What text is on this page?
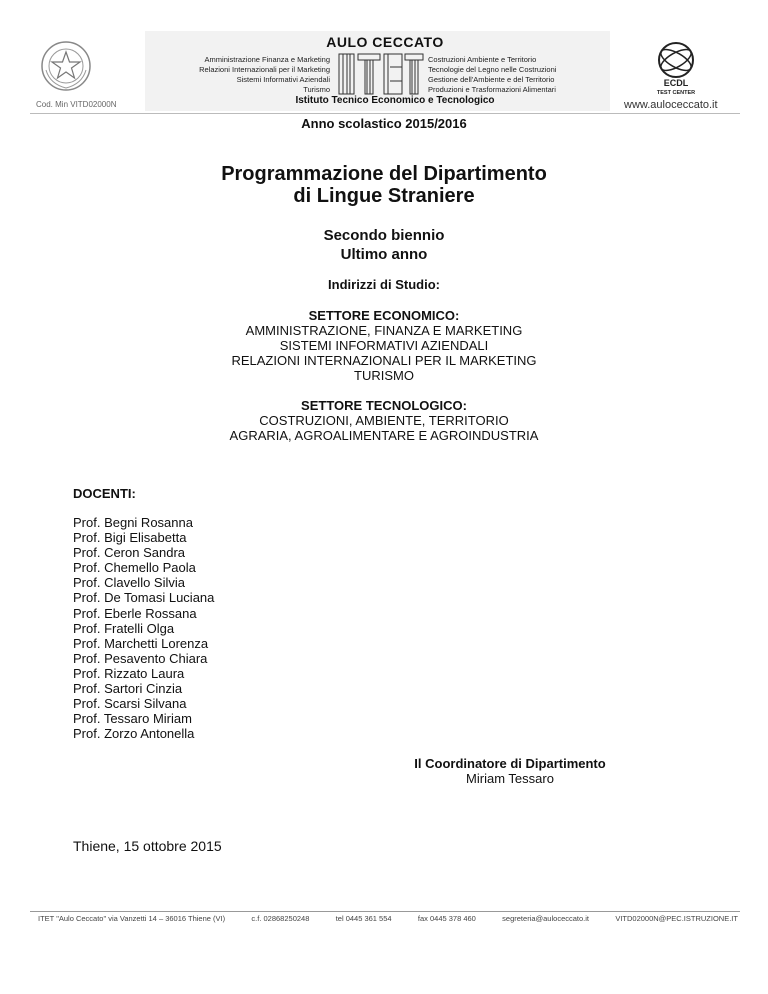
Cod. Min VITD02000N
AULO CECCATO
Amministrazione Finanza e Marketing
Relazioni Internazionali per il Marketing
Sistemi Informativi Aziendali
Turismo
ITET
Costruzioni Ambiente e Territorio
Tecnologie del Legno nelle Costruzioni
Gestione dell'Ambiente e del Territorio
Produzioni e Trasformazioni Alimentari
Istituto Tecnico Economico e Tecnologico
ECDL
TEST CENTER
www.auloceccato.it
Anno scolastico 2015/2016
Programmazione del Dipartimento
di Lingue Straniere
Secondo biennio
Ultimo anno
Indirizzi di Studio:
SETTORE ECONOMICO:
AMMINISTRAZIONE, FINANZA E MARKETING
SISTEMI INFORMATIVI AZIENDALI
RELAZIONI INTERNAZIONALI PER IL MARKETING
TURISMO
SETTORE TECNOLOGICO:
COSTRUZIONI, AMBIENTE, TERRITORIO
AGRARIA, AGROALIMENTARE E AGROINDUSTRIA
DOCENTI:
Prof. Begni Rosanna
Prof. Bigi Elisabetta
Prof. Ceron Sandra
Prof. Chemello Paola
Prof. Clavello Silvia
Prof. De Tomasi Luciana
Prof. Eberle Rossana
Prof. Fratelli Olga
Prof. Marchetti Lorenza
Prof. Pesavento Chiara
Prof. Rizzato Laura
Prof. Sartori Cinzia
Prof. Scarsi Silvana
Prof. Tessaro Miriam
Prof. Zorzo Antonella
Il Coordinatore di Dipartimento
Miriam Tessaro
Thiene, 15 ottobre 2015
ITET "Aulo Ceccato" via Vanzetti 14 – 36016 Thiene (VI)	c.f. 02868250248	tel 0445 361 554	fax 0445 378 460	segreteria@auloceccato.it	VITD02000N@PEC.ISTRUZIONE.IT
